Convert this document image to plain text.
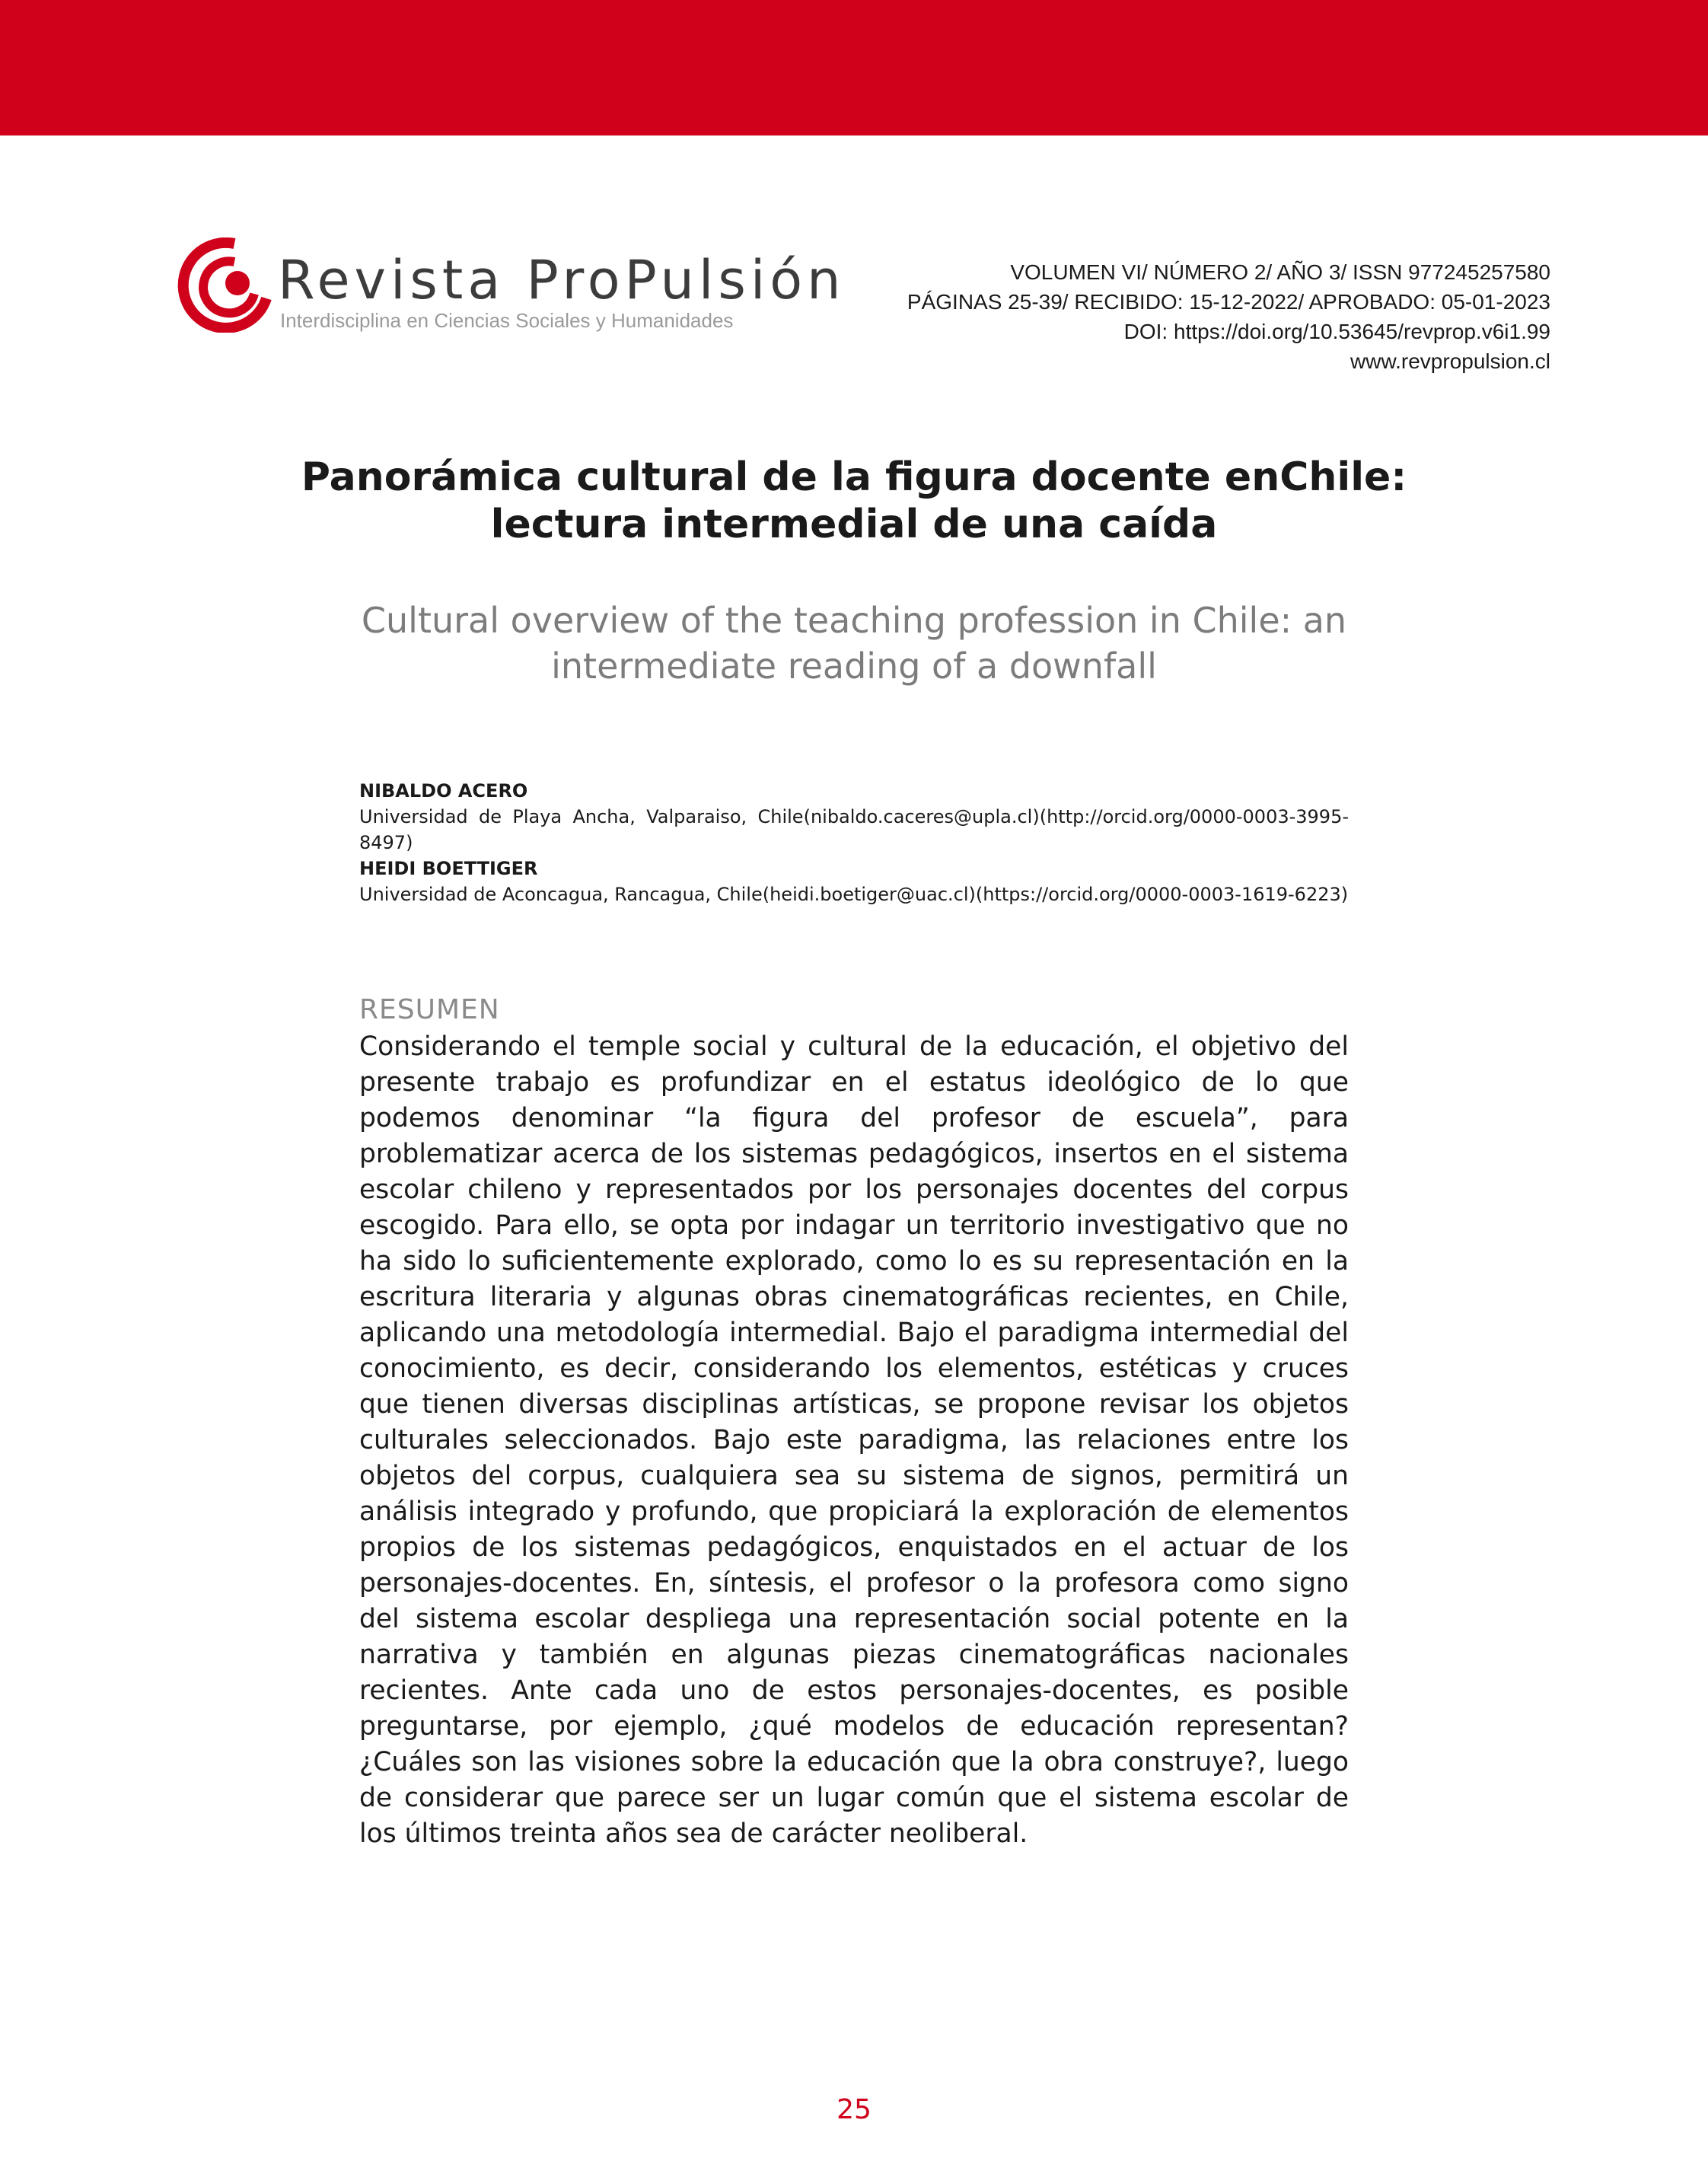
Revista ProPulsión
Interdisciplina en Ciencias Sociales y Humanidades
VOLUMEN VI/ NÚMERO 2/ AÑO 3/ ISSN 977245257580
PÁGINAS 25-39/ RECIBIDO: 15-12-2022/ APROBADO: 05-01-2023
DOI: https://doi.org/10.53645/revprop.v6i1.99
www.revpropulsion.cl
Panorámica cultural de la figura docente enChile:
lectura intermedial de una caída
Cultural overview of the teaching profession in Chile: an
intermediate reading of a downfall
NIBALDO ACERO
Universidad de Playa Ancha, Valparaiso, Chile(nibaldo.caceres@upla.cl)(http://orcid.org/0000-0003-3995-8497)
HEIDI BOETTIGER
Universidad de Aconcagua, Rancagua, Chile(heidi.boetiger@uac.cl)(https://orcid.org/0000-0003-1619-6223)
RESUMEN

Considerando el temple social y cultural de la educación, el objetivo del presente trabajo es profundizar en el estatus ideológico de lo que podemos denominar “la figura del profesor de escuela”, para problematizar acerca de los sistemas pedagógicos, insertos en el sistema escolar chileno y representados por los personajes docentes del corpus escogido. Para ello, se opta por indagar un territorio investigativo que no ha sido lo suficientemente explorado, como lo es su representación en la escritura literaria y algunas obras cinematográficas recientes, en Chile, aplicando una metodología intermedial. Bajo el paradigma intermedial del conocimiento, es decir, considerando los elementos, estéticas y cruces que tienen diversas disciplinas artísticas, se propone revisar los objetos culturales seleccionados. Bajo este paradigma, las relaciones entre los objetos del corpus, cualquiera sea su sistema de signos, permitirá un análisis integrado y profundo, que propiciará la exploración de elementos propios de los sistemas pedagógicos, enquistados en el actuar de los personajes-docentes. En, síntesis, el profesor o la profesora como signo del sistema escolar despliega una representación social potente en la narrativa y también en algunas piezas cinematográficas nacionales recientes. Ante cada uno de estos personajes-docentes, es posible preguntarse, por ejemplo, ¿qué modelos de educación representan? ¿Cuáles son las visiones sobre la educación que la obra construye?, luego de considerar que parece ser un lugar común que el sistema escolar de los últimos treinta años sea de carácter neoliberal.

25
